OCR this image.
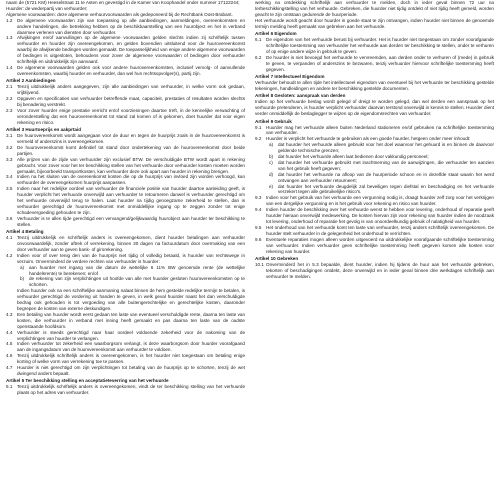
naam de (5721 KM) Heeselstraat 11 te Asten en gevestigd in de Kamer van Koophandel onder nummer 17122244;

Huurder: de wederpartij van verhuurder;

Algemene voorwaarden: deze algemene verhuurvoorwaarden als gedeponeerd bij de Rechtbank Oost-Brabant.

1.2	De algemene voorwaarden zijn van toepassing op alle aanbiedingen, aanmeldingen, overeenkomsten en andere handelingen, die betrekking hebben op de beschikbaarstelling van een huurobject en het in verband daarmee verlenen van diensten door verhuurder.

1.3	Afwijkingen en/of aanvullingen op de algemene voorwaarden gelden slechts indien zij schriftelijk tussen verhuurder en huurder zijn overeengekomen, en gelden bovendien uitsluitend voor de huurovereenkomst waarbij de afwijkende bedingen worden gemaakt. De toepasselijkheid van enige andere algemene voorwaarden of bedingen is uitgesloten, behoudens voor zover de algemene voorwaarden of bedingen door verhuurder schriftelijk en uitdrukkelijk zijn aanvaard.

1.4	De algemene voorwaarden gelden ook voor andere huurovereenkomsten, inclusief vervolg- of aanvullende overeenkomsten, waarbij huurder en verhuurder, dan wel hun rechtsopvolger(s), partij zijn.

Artikel 2 Aanbiedingen

2.1	Tenzij uitdrukkelijk anders aangegeven, zijn alle aanbiedingen van verhuurder, in welke vorm ook gedaan, vrijblijvend.

2.2	Opgaven en specificaties van verhuurder betreffende maat, capaciteit, prestaties of resultaten worden slechts bij benadering verstrekt.

2.3	Voor zover huurder enige prestatie verricht en/of voorzieningen daartoe treft, in de kennelijke verwachting of veronderstelling dat een huurovereenkomst tot stand zal komen of is gekomen, doet huurder dat voor eigen rekening en risico.

Artikel 3 Huurtoeprijs en aakprtaid

3.1	De huurovereenkomst wordt aangegaan voor de duur en tegen de huurprijs zoals in de huurovereenkomst is vermeld of anderszins is overeengekomen.

3.2	De huurovereenkomst komt definitief tot stand door ondertekening van de huurovereenkomst door beide partijen.

3.3	Alle prijzen van de zijde van verhuurder zijn exclusief BTW. De verschuldigde BTW wordt apart in rekening gebracht. Voor zover voor het ter beschikking stellen van het verhuurde door verhuurder kosten moeten worden gemaakt, bijvoorbeeld transportkosten, kan verhuurder deze ook apart aan huurder in rekening brengen.

3.4	Indien na het sluiten van de overeenkomst kosten die op de huurprijs van invloed zijn worden verhoogd, kan verhuurder de overeengekomen huurprijs aanpassen.

3.5	Indien naar het redelijke oordeel van verhuurder de financiele positie van huurder daartoe aanleiding geeft, is huurder verplicht het verhuurde onverwijld aan verhuurder te retourneren danwel is verhuurder gerechtigd om het verhuurde onverwijld terug te halen. Laat huurder na tijdig genoegzame zekerheid te stellen, dan is verhuurder gerechtigd de huurovereenkomst met onmiddellijke ingang op te zeggen zonder tot enige schadevergoeding gehouden te zijn.

3.6	Verhuurder is te allen tijde gerechtigd een vervangend/gelijkwaardig huurobject aan huurder ter beschikking te stellen.

Artikel 4 Betaling

4.1	Tenzij uitdrukkelijk en schriftelijk anders is overeengekomen, dient huurder betalingen aan verhuurder onvoorwaardelijk, zonder aftrek of verrekening, binnen 30 dagen na factuurdatum door overmaking van een door verhuurder aan te geven bank- of girorekening.

4.2	Indien voor of over tenig den van de huurprijs niet tijdig of volledig betaald, is huurder van rechtswege in verzuim. Onverminderd de verdere rechten van verhuurder is huurder:

a)	aan huurder met ingang van die datum de wettelijke 6 11% BW genoemde rente (de wettelijke handelsrente) te berekenen; en/of

b)	de rekening van zijn verplichtingen uit hoofde van alle met huurder gesloten huurovereenkomsten op te schorten.

Indien huurder ook na een schriftelijke aanmaning nalaat binnen de hem gestelde redelijke termijn te betalen, is verhuurder gerechtigd de vordering uit handen te geven, in welk geval huurder naast het dan verschuldigde bedrag ook gehouden is tot vergoeding van alle buitengerechtelijke en gerechtelijke kosten, daaronder begrepen de kosten van externe deskundigen.

4.3	Een betaling van huurder wordt eerst gedaan ten laste van eventueel verschuldigde rente, daarna ten laste van kosten, die verhuurder in verband met inning heeft gemaakt en pas daarna ten laste van de oudste openstaande hoofdsom.

4.4	Verhuurder is steeds gerechtigd naar haar oordeel voldoende zekerheid voor de nakoming van de verplichtingen van huurder te verlangen.

4.5	Indien verhuurder tot zekerheid een waarborgsom verlangt, is deze waarborgsom door huurder voorafgaand aan de ingangsdatum van de huurovereenkomst aan verhuurder te voldoen.

4.6	Tenzij uitdrukkelijk schriftelijk anders is overeengekomen, is het huurder niet toegestaan om betaling enige korting of welke vorm van verrekening toe te passen.

4.7	Huurder is niet gerechtigd om zijn verplichtingen tot betaling van de huurprijs op te schorten, tenzij de wet dwingend anders bepaalt.

Artikel 5 Ter beschikking stelling en acceptatieteverring van het verhuurde

5.1	Tenzij uitdrukkelijk schriftelijk anders is overeengekomen, vindt de ter beschikking stelling van het verhuurde plaats op het adres van verhuurder.

werking na ontdekking schriftelijk aan verhuurder te melden, doch in ieder geval binnen 72 uur na terbeschikkingstelling van het verhuurde. Gebreken, die huurder niet tijdig ontdekt of niet tijdig heeft gemeld, worden geacht te zijn ontstaan gedurende de huurperiode.

Het verhuurde wordt geacht door huurder in goede staat te zijn ontvangen, indien huurder niet binnen de genoemde termijn melding heeft gemaakt van gebreken aan het verhuurde.

Artikel 6 Eigendom

6.1	De eigendom van het verhuurde berust bij verhuurder. Het is huurder niet toegestaan om zonder voorafgaande schriftelijke toestemming van verhuurder het verhuurde aan derden ter beschikking te stellen, onder te verhuren of op enige andere wijze in gebruik te geven.

6.2	De huurder is niet bevoegd het verhuurde te vervreemden, aan derden onder te verhuren of (mede) in gebruik te geven, te verpanden of anderszins te bezwaren, tenzij verhuurder hiervoor schriftelijke toestemming heeft gegeven.

Artikel 7 Intellectueel Eigendom

Verhuurder behoudt te allen tijde het intellectueel eigendom van eventueel bij het verhuurde ter beschikking gestelde tekeningen, handleidingen en andere ter beschikking gestelde documenten.

Artikel 8 Gesloten: aanspraak van derden

Indien op het verhuurde beslag wordt gelegd of dreigt te worden gelegd, dan wel derden een aanspraak op het verhuurde pretenderen, is huurder verplicht verhuurder daarvan terstond onverwijld in kennis te stellen. Huurder dient verder onmiddellijk de beslaglegger te wijzen op de eigendomsrechten van verhuurder.

Artikel 9 Gebruik

9.1	Huurder mag het verhuurde alleen buiten Nederland stationeren en/of gebruiken na schriftelijke toestemming van verhuurder.

9.2	Huurder is verplicht het verhuurde te gebruiken als een goede huurder, hetgeen onder meer inhoudt:

a)	dat huurder het verhuurde alleen gebruikt voor het doel waarvoor het gehuurd is en binnen de daarvoor geldende technische grenzen;

b)	dat huurder het verhuurde alleen laat bedienen door vakkundig personeel;

c)	dat huurder het verhuurde gebruikt met inachtneming van de aanwijzingen, die verhuurder ten aanzien van het gebruik heeft gegeven;

d)	dat huurder het verhuurde na afloop van de huurperiode schoon en in dezelfde staat waarin het werd ontvangen aan verhuurder retourneert;

e)	dat huurder het verhuurde deugdelijk zal beveiligen tegen diefstal en beschadiging en het verhuurde verzekert tegen alle gebruikelijke risico's.

9.3	Indien voor het gebruik van het verhuurde een vergunning nodig is, draagt huurder zelf zorg voor het verkrijgen van een dergelijke vergunning en is het gebruik voor rekening en risico van huurder.

9.4	Indien huurder de beschikking over het verhuurde wenst te hebben voor levering, onderhoud of reparatie geeft huurder hieraan onverwijld medewerking. De kosten hiervan zijn voor rekening van huurder indien de noodzaak tot levering, onderhoud of reparatie het gevolg is van onoordeelkundig gebruik of nalatigheid van huurder.

9.5	Het onderhoud van het verhuurde komt ten laste van verhuurder, tenzij anders schriftelijk overeengekomen. De huurder stelt verhuurder in de gelegenheid het onderhoud te verrichten.

9.6	Eventuele reparaties mogen alleen worden uitgevoerd na uitdrukkelijke voorafgaande schriftelijke toestemming van verhuurder. Indien verhuurder geen schriftelijke toestemming heeft gegeven komen alle kosten voor rekening van huurder.

Artikel 10 Gebreken

10.1 Onverminderd het in 5.3 bepaalde, dient huurder, indien hij tijdens de huur aan het verhuurde gebreken, tekorten of beschadigingen ontdekt, deze onverwijld en in ieder geval binnen drie werkdagen schriftelijk aan verhuurder te melden.
